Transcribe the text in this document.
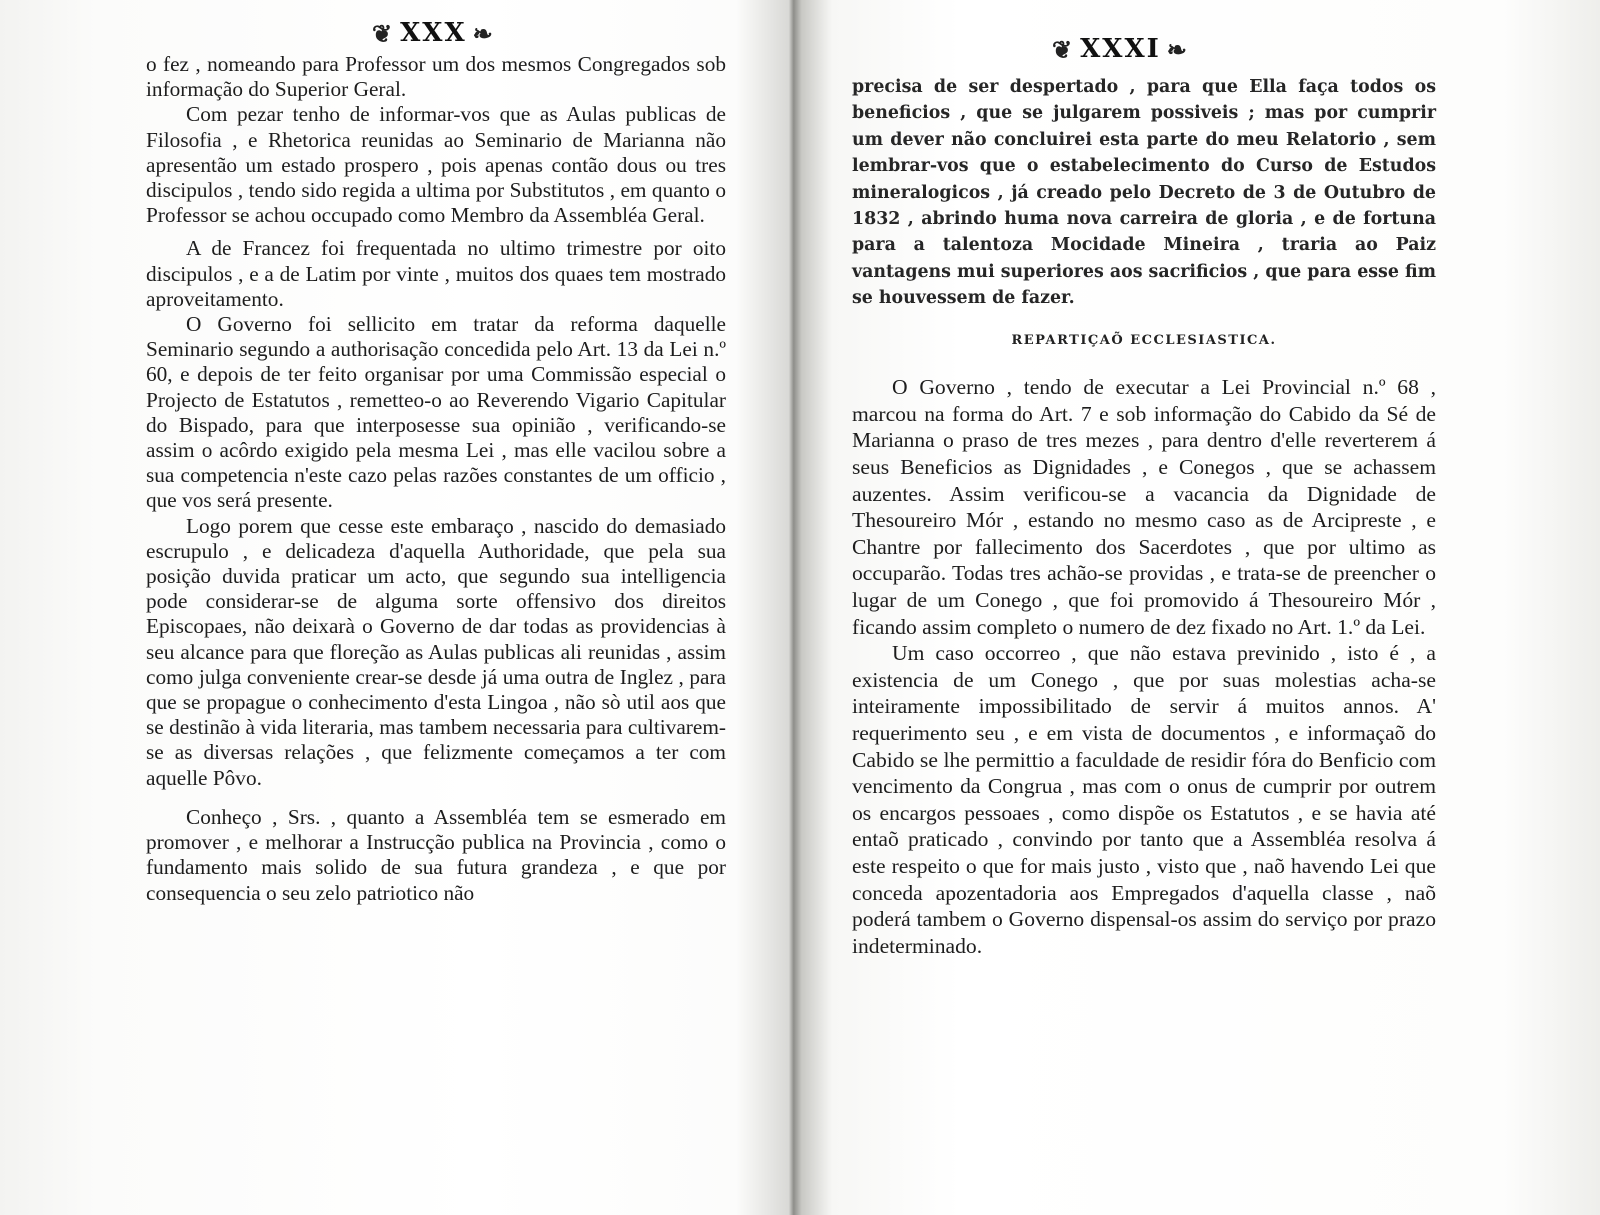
❦ XXX ❧

o fez , nomeando para Professor um dos mesmos Congregados sob informação do Superior Geral.

Com pezar tenho de informar-vos que as Aulas publicas de Filosofia , e Rhetorica reunidas ao Seminario de Marianna não apresentão um estado prospero , pois apenas contão dous ou tres discipulos , tendo sido regida a ultima por Substitutos , em quanto o Professor se achou occupado como Membro da Assembléa Geral.

A de Francez foi frequentada no ultimo trimestre por oito discipulos , e a de Latim por vinte , muitos dos quaes tem mostrado aproveitamento.

O Governo foi sellicito em tratar da reforma daquelle Seminario segundo a authorisação concedida pelo Art. 13 da Lei n.º 60, e depois de ter feito organisar por uma Commissão especial o Projecto de Estatutos , remetteo-o ao Reverendo Vigario Capitular do Bispado, para que interposesse sua opinião , verificando-se assim o acôrdo exigido pela mesma Lei , mas elle vacilou sobre a sua competencia n'este cazo pelas razões constantes de um officio , que vos será presente.

Logo porem que cesse este embaraço , nascido do demasiado escrupulo , e delicadeza d'aquella Authoridade, que pela sua posição duvida praticar um acto, que segundo sua intelligencia pode considerar-se de alguma sorte offensivo dos direitos Episcopaes, não deixarà o Governo de dar todas as providencias à seu alcance para que floreção as Aulas publicas ali reunidas , assim como julga conveniente crear-se desde já uma outra de Inglez , para que se propague o conhecimento d'esta Lingoa , não sò util aos que se destinão à vida literaria, mas tambem necessaria para cultivarem-se as diversas relações , que felizmente começamos a ter com aquelle Pôvo.

Conheço , Srs. , quanto a Assembléa tem se esmerado em promover , e melhorar a Instrucção publica na Provincia , como o fundamento mais solido de sua futura grandeza , e que por consequencia o seu zelo patriotico não

❦ XXXI ❧

precisa de ser despertado , para que Ella faça todos os beneficios , que se julgarem possiveis ; mas por cumprir um dever não concluirei esta parte do meu Relatorio , sem lembrar-vos que o estabelecimento do Curso de Estudos mineralogicos , já creado pelo Decreto de 3 de Outubro de 1832 , abrindo huma nova carreira de gloria , e de fortuna para a talentoza Mocidade Mineira , traria ao Paiz vantagens mui superiores aos sacrificios , que para esse fim se houvessem de fazer.

REPARTIÇAÕ ECCLESIASTICA.

O Governo , tendo de executar a Lei Provincial n.º 68 , marcou na forma do Art. 7 e sob informação do Cabido da Sé de Marianna o praso de tres mezes , para dentro d'elle reverterem á seus Beneficios as Dignidades , e Conegos , que se achassem auzentes. Assim verificou-se a vacancia da Dignidade de Thesoureiro Mór , estando no mesmo caso as de Arcipreste , e Chantre por fallecimento dos Sacerdotes , que por ultimo as occuparão. Todas tres achão-se providas , e trata-se de preencher o lugar de um Conego , que foi promovido á Thesoureiro Mór , ficando assim completo o numero de dez fixado no Art. 1.º da Lei.

Um caso occorreo , que não estava previnido , isto é , a existencia de um Conego , que por suas molestias acha-se inteiramente impossibilitado de servir á muitos annos. A' requerimento seu , e em vista de documentos , e informaçaõ do Cabido se lhe permittio a faculdade de residir fóra do Benficio com vencimento da Congrua , mas com o onus de cumprir por outrem os encargos pessoaes , como dispõe os Estatutos , e se havia até entaõ praticado , convindo por tanto que a Assembléa resolva á este respeito o que for mais justo , visto que , naõ havendo Lei que conceda apozentadoria aos Empregados d'aquella classe , naõ poderá tambem o Governo dispensal-os assim do serviço por prazo indeterminado.
